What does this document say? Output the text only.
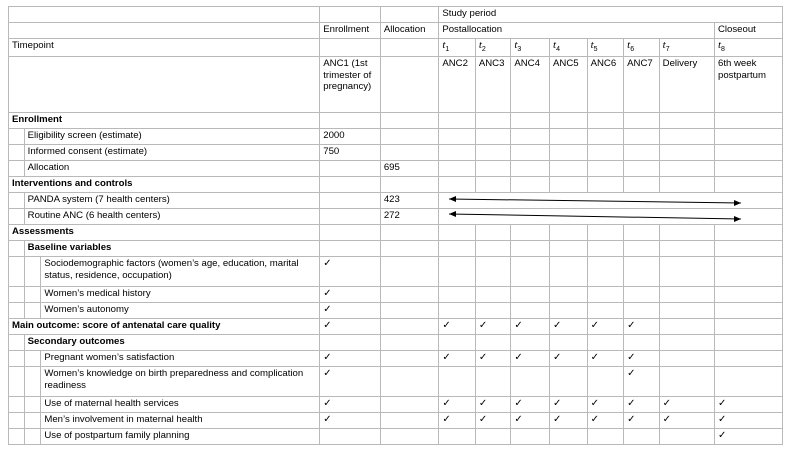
					Study period							
			Enrollment	Allocation	Postallocation							Closeout
Timepoint					$t_1$	$t_2$	$t_3$	$t_4$	$t_5$	$t_6$	$t_7$	$t_8$
			ANC1 (1st trimester of pregnancy)		ANC2	ANC3	ANC4	ANC5	ANC6	ANC7	Delivery	6th week postpartum
Enrollment												
	Eligibility screen (estimate)		2000									
	Informed consent (estimate)		750									
	Allocation			695								
Interventions and controls												
	PANDA system (7 health centers)			423	

	Routine ANC (6 health centers)			272	

Assessments												
	Baseline variables											
		Sociodemographic factors (women’s age, education, marital status, residence, occupation)	✓									
		Women’s medical history	✓									
		Women’s autonomy	✓									
Main outcome: score of antenatal care quality			✓		✓	✓	✓	✓	✓	✓		
	Secondary outcomes											
		Pregnant women’s satisfaction	✓		✓	✓	✓	✓	✓	✓		
		Women’s knowledge on birth preparedness and complication readiness	✓							✓		
		Use of maternal health services	✓		✓	✓	✓	✓	✓	✓	✓	✓
		Men’s involvement in maternal health	✓		✓	✓	✓	✓	✓	✓	✓	✓
		Use of postpartum family planning										✓
